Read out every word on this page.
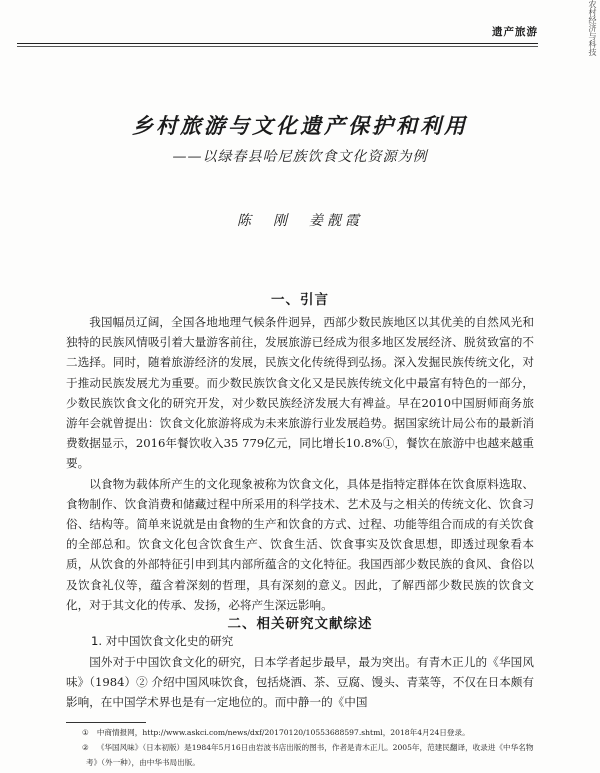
农村经济与科技
遗产旅游
乡村旅游与文化遗产保护和利用
——以绿春县哈尼族饮食文化资源为例
陈　刚　姜靓霞
一、引言

我国幅员辽阔，全国各地地理气候条件迥异，西部少数民族地区以其优美的自然风光和独特的民族风情吸引着大量游客前往，发展旅游已经成为很多地区发展经济、脱贫致富的不二选择。同时，随着旅游经济的发展，民族文化传统得到弘扬。深入发掘民族传统文化，对于推动民族发展尤为重要。而少数民族饮食文化又是民族传统文化中最富有特色的一部分，少数民族饮食文化的研究开发，对少数民族经济发展大有裨益。早在2010中国厨师商务旅游年会就曾提出：饮食文化旅游将成为未来旅游行业发展趋势。据国家统计局公布的最新消费数据显示，2016年餐饮收入35 779亿元，同比增长10.8%①，餐饮在旅游中也越来越重要。

以食物为载体所产生的文化现象被称为饮食文化，具体是指特定群体在饮食原料选取、食物制作、饮食消费和储藏过程中所采用的科学技术、艺术及与之相关的传统文化、饮食习俗、结构等。简单来说就是由食物的生产和饮食的方式、过程、功能等组合而成的有关饮食的全部总和。饮食文化包含饮食生产、饮食生活、饮食事实及饮食思想，即透过现象看本质，从饮食的外部特征引申到其内部所蕴含的文化特征。我国西部少数民族的食风、食俗以及饮食礼仪等，蕴含着深刻的哲理，具有深刻的意义。因此，了解西部少数民族的饮食文化，对于其文化的传承、发扬，必将产生深远影响。

二、相关研究文献综述
1. 对中国饮食文化史的研究

国外对于中国饮食文化的研究，日本学者起步最早，最为突出。有青木正儿的《华国风味》（1984）② 介绍中国风味饮食，包括烧酒、茶、豆腐、馒头、青菜等，不仅在日本颇有影响，在中国学术界也是有一定地位的。而中静一的《中国

① 中商情报网，http://www.askci.com/news/dxf/20170120/10553688597.shtml，2018年4月24日登录。

② 《华国风味》（日本初版）是1984年5月16日由岩波书店出版的图书，作者是青木正儿。2005年，范建民翻译，收录进《中华名物考》（外一种），由中华书局出版。
